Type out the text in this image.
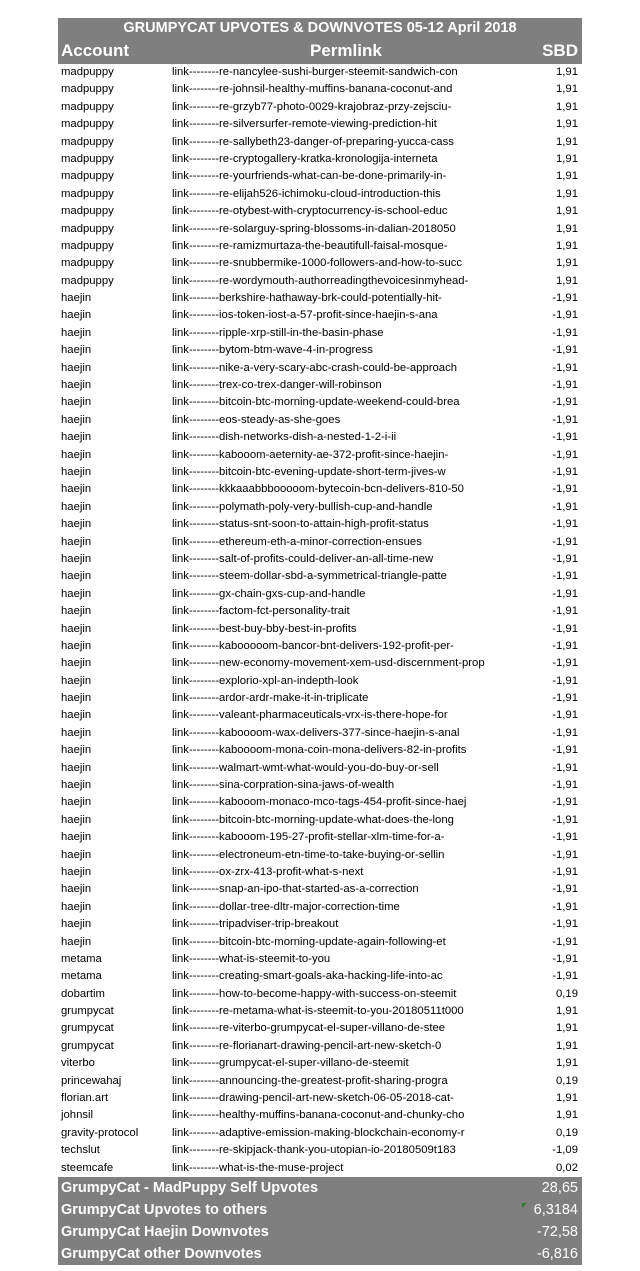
GRUMPYCAT UPVOTES & DOWNVOTES 05-12 April 2018
Account	Permlink	SBD
madpuppy	link--------re-nancylee-sushi-burger-steemit-sandwich-con	1,91
madpuppy	link--------re-johnsil-healthy-muffins-banana-coconut-and	1,91
madpuppy	link--------re-grzyb77-photo-0029-krajobraz-przy-zejsciu-	1,91
madpuppy	link--------re-silversurfer-remote-viewing-prediction-hit	1,91
madpuppy	link--------re-sallybeth23-danger-of-preparing-yucca-cass	1,91
madpuppy	link--------re-cryptogallery-kratka-kronologija-interneta	1,91
madpuppy	link--------re-yourfriends-what-can-be-done-primarily-in-	1,91
madpuppy	link--------re-elijah526-ichimoku-cloud-introduction-this	1,91
madpuppy	link--------re-otybest-with-cryptocurrency-is-school-educ	1,91
madpuppy	link--------re-solarguy-spring-blossoms-in-dalian-2018050	1,91
madpuppy	link--------re-ramizmurtaza-the-beautifull-faisal-mosque-	1,91
madpuppy	link--------re-snubbermike-1000-followers-and-how-to-succ	1,91
madpuppy	link--------re-wordymouth-authorreadingthevoicesinmyhead-	1,91
haejin	link--------berkshire-hathaway-brk-could-potentially-hit-	-1,91
haejin	link--------ios-token-iost-a-57-profit-since-haejin-s-ana	-1,91
haejin	link--------ripple-xrp-still-in-the-basin-phase	-1,91
haejin	link--------bytom-btm-wave-4-in-progress	-1,91
haejin	link--------nike-a-very-scary-abc-crash-could-be-approach	-1,91
haejin	link--------trex-co-trex-danger-will-robinson	-1,91
haejin	link--------bitcoin-btc-morning-update-weekend-could-brea	-1,91
haejin	link--------eos-steady-as-she-goes	-1,91
haejin	link--------dish-networks-dish-a-nested-1-2-i-ii	-1,91
haejin	link--------kabooom-aeternity-ae-372-profit-since-haejin-	-1,91
haejin	link--------bitcoin-btc-evening-update-short-term-jives-w	-1,91
haejin	link--------kkkaaabbbooooom-bytecoin-bcn-delivers-810-50	-1,91
haejin	link--------polymath-poly-very-bullish-cup-and-handle	-1,91
haejin	link--------status-snt-soon-to-attain-high-profit-status	-1,91
haejin	link--------ethereum-eth-a-minor-correction-ensues	-1,91
haejin	link--------salt-of-profits-could-deliver-an-all-time-new	-1,91
haejin	link--------steem-dollar-sbd-a-symmetrical-triangle-patte	-1,91
haejin	link--------gx-chain-gxs-cup-and-handle	-1,91
haejin	link--------factom-fct-personality-trait	-1,91
haejin	link--------best-buy-bby-best-in-profits	-1,91
haejin	link--------kabooooom-bancor-bnt-delivers-192-profit-per-	-1,91
haejin	link--------new-economy-movement-xem-usd-discernment-prop	-1,91
haejin	link--------explorio-xpl-an-indepth-look	-1,91
haejin	link--------ardor-ardr-make-it-in-triplicate	-1,91
haejin	link--------valeant-pharmaceuticals-vrx-is-there-hope-for	-1,91
haejin	link--------kaboooom-wax-delivers-377-since-haejin-s-anal	-1,91
haejin	link--------kaboooom-mona-coin-mona-delivers-82-in-profits	-1,91
haejin	link--------walmart-wmt-what-would-you-do-buy-or-sell	-1,91
haejin	link--------sina-corpration-sina-jaws-of-wealth	-1,91
haejin	link--------kabooom-monaco-mco-tags-454-profit-since-haej	-1,91
haejin	link--------bitcoin-btc-morning-update-what-does-the-long	-1,91
haejin	link--------kabooom-195-27-profit-stellar-xlm-time-for-a-	-1,91
haejin	link--------electroneum-etn-time-to-take-buying-or-sellin	-1,91
haejin	link--------ox-zrx-413-profit-what-s-next	-1,91
haejin	link--------snap-an-ipo-that-started-as-a-correction	-1,91
haejin	link--------dollar-tree-dltr-major-correction-time	-1,91
haejin	link--------tripadviser-trip-breakout	-1,91
haejin	link--------bitcoin-btc-morning-update-again-following-et	-1,91
metama	link--------what-is-steemit-to-you	-1,91
metama	link--------creating-smart-goals-aka-hacking-life-into-ac	-1,91
dobartim	link--------how-to-become-happy-with-success-on-steemit	0,19
grumpycat	link--------re-metama-what-is-steemit-to-you-20180511t000	1,91
grumpycat	link--------re-viterbo-grumpycat-el-super-villano-de-stee	1,91
grumpycat	link--------re-florianart-drawing-pencil-art-new-sketch-0	1,91
viterbo	link--------grumpycat-el-super-villano-de-steemit	1,91
princewahaj	link--------announcing-the-greatest-profit-sharing-progra	0,19
florian.art	link--------drawing-pencil-art-new-sketch-06-05-2018-cat-	1,91
johnsil	link--------healthy-muffins-banana-coconut-and-chunky-cho	1,91
gravity-protocol	link--------adaptive-emission-making-blockchain-economy-r	0,19
techslut	link--------re-skipjack-thank-you-utopian-io-20180509t183	-1,09
steemcafe	link--------what-is-the-muse-project	0,02
GrumpyCat - MadPuppy Self Upvotes	28,65
GrumpyCat Upvotes to others	6,3184
GrumpyCat Haejin Downvotes	-72,58
GrumpyCat other Downvotes	-6,816
